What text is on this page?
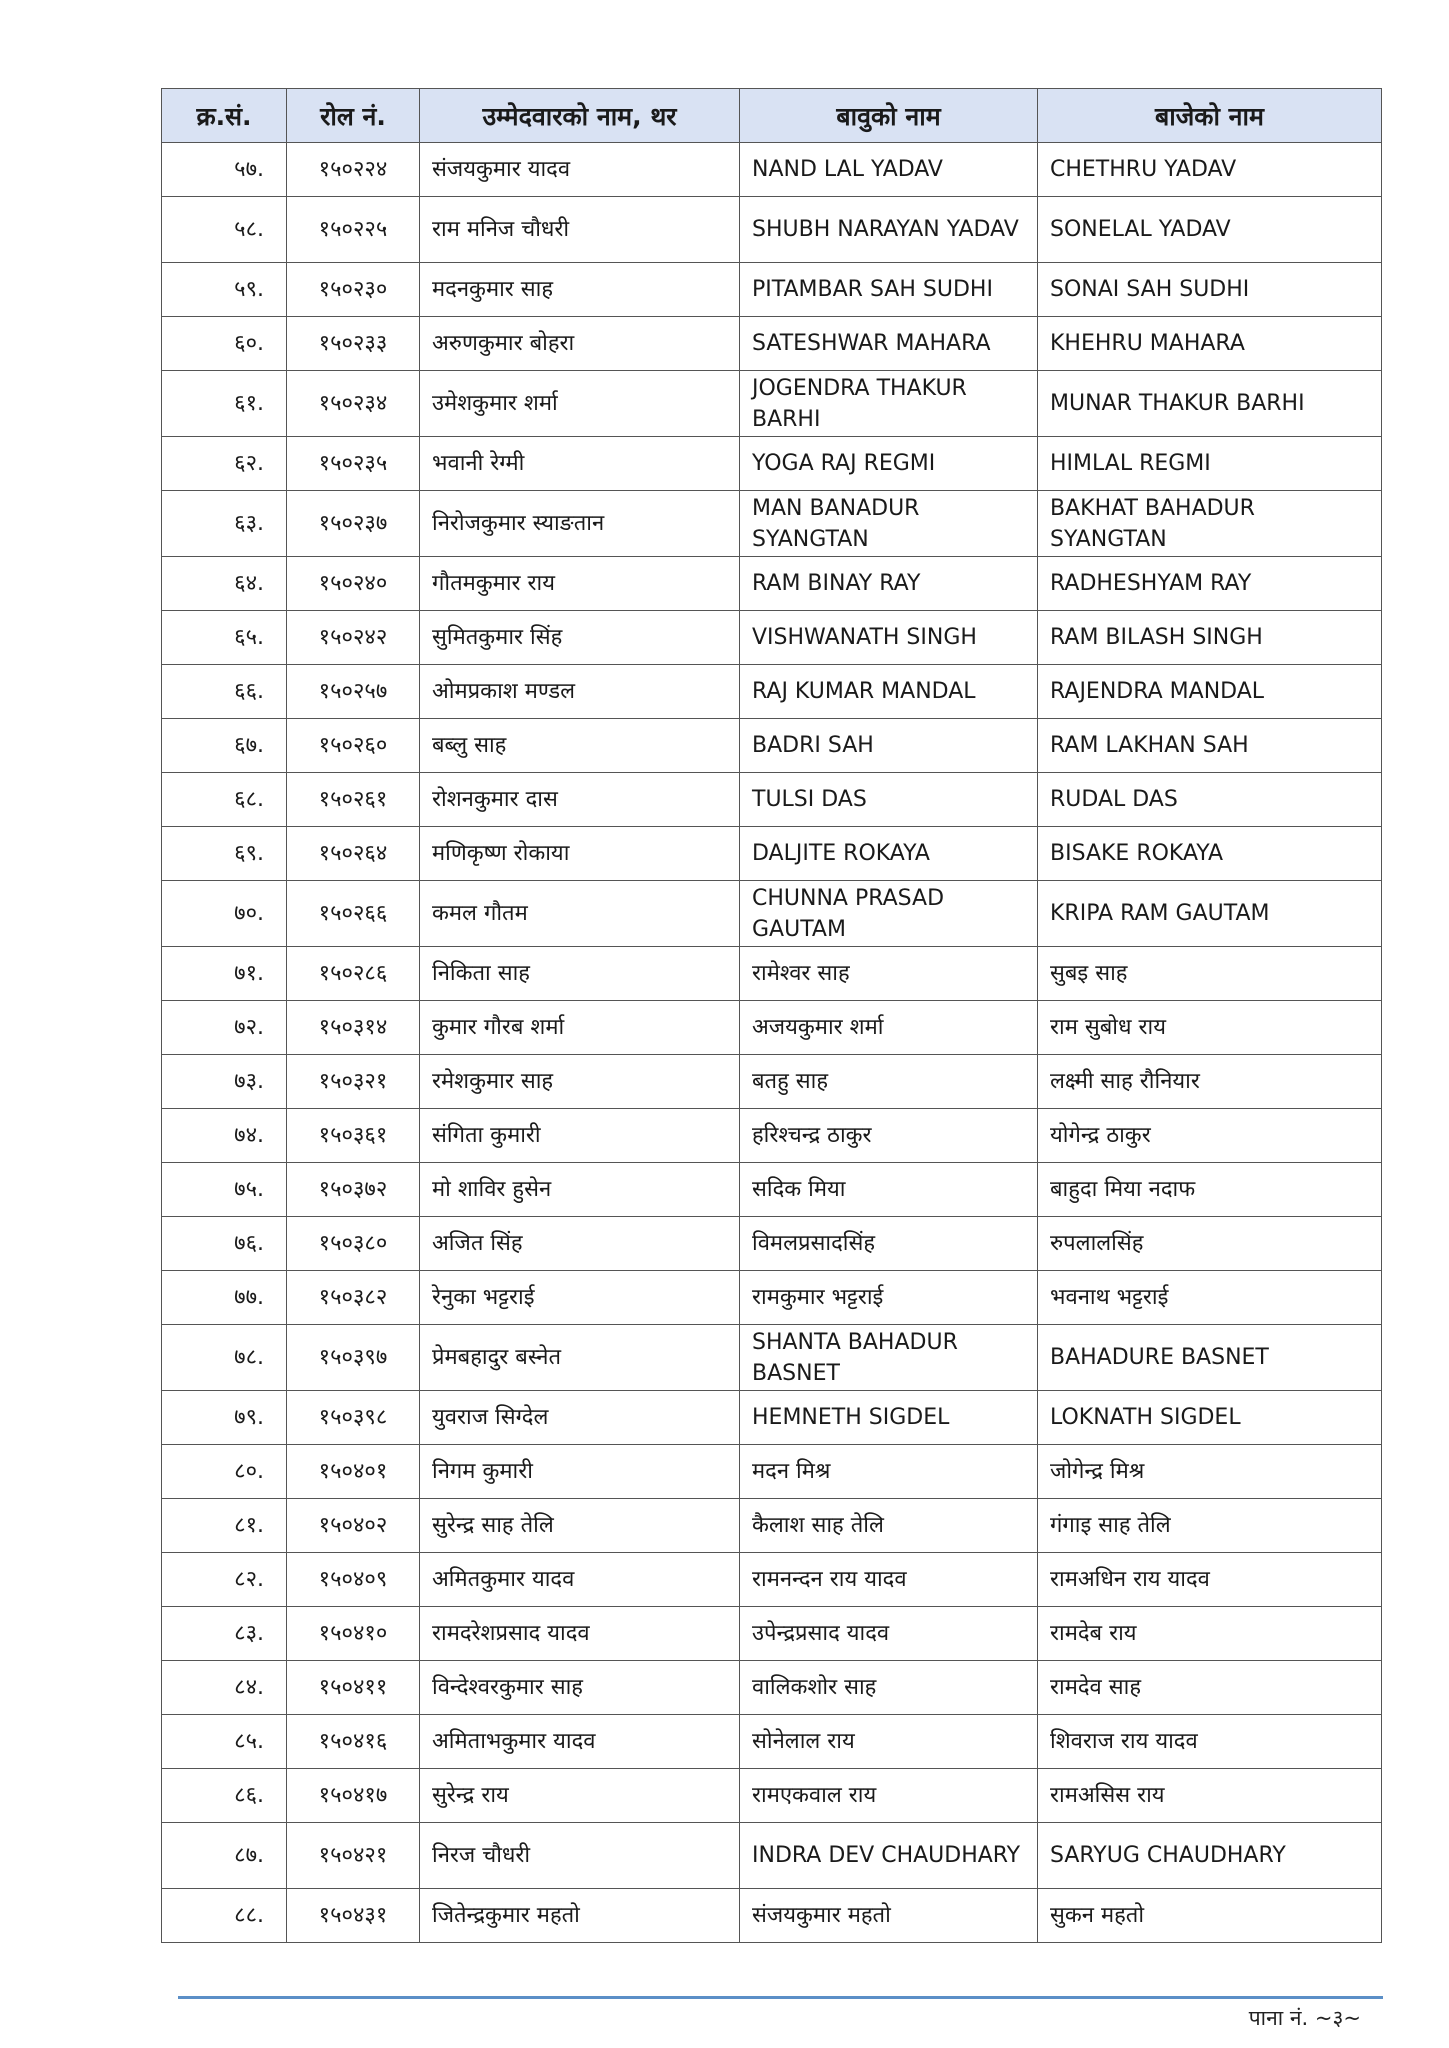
क्र.सं.	रोल नं.	उम्मेदवारको नाम, थर	बावुको नाम	बाजेको नाम
५७.	१५०२२४	संजयकुमार यादव	NAND LAL YADAV	CHETHRU YADAV
५८.	१५०२२५	राम मनिज चौधरी	SHUBH NARAYAN YADAV	SONELAL YADAV
५९.	१५०२३०	मदनकुमार साह	PITAMBAR SAH SUDHI	SONAI SAH SUDHI
६०.	१५०२३३	अरुणकुमार बोहरा	SATESHWAR MAHARA	KHEHRU MAHARA
६१.	१५०२३४	उमेशकुमार शर्मा	JOGENDRA THAKUR BARHI	MUNAR THAKUR BARHI
६२.	१५०२३५	भवानी रेग्मी	YOGA RAJ REGMI	HIMLAL REGMI
६३.	१५०२३७	निरोजकुमार स्याङतान	MAN BANADUR SYANGTAN	BAKHAT BAHADUR SYANGTAN
६४.	१५०२४०	गौतमकुमार राय	RAM BINAY RAY	RADHESHYAM RAY
६५.	१५०२४२	सुमितकुमार सिंह	VISHWANATH SINGH	RAM BILASH SINGH
६६.	१५०२५७	ओमप्रकाश मण्डल	RAJ KUMAR MANDAL	RAJENDRA MANDAL
६७.	१५०२६०	बब्लु साह	BADRI SAH	RAM LAKHAN SAH
६८.	१५०२६१	रोशनकुमार दास	TULSI DAS	RUDAL DAS
६९.	१५०२६४	मणिकृष्ण रोकाया	DALJITE ROKAYA	BISAKE ROKAYA
७०.	१५०२६६	कमल गौतम	CHUNNA PRASAD GAUTAM	KRIPA RAM GAUTAM
७१.	१५०२८६	निकिता साह	रामेश्वर साह	सुबइ साह
७२.	१५०३१४	कुमार गौरब शर्मा	अजयकुमार शर्मा	राम सुबोध राय
७३.	१५०३२१	रमेशकुमार साह	बतहु साह	लक्ष्मी साह रौनियार
७४.	१५०३६१	संगिता कुमारी	हरिश्चन्द्र ठाकुर	योगेन्द्र ठाकुर
७५.	१५०३७२	मो शाविर हुसेन	सदिक मिया	बाहुदा मिया नदाफ
७६.	१५०३८०	अजित सिंह	विमलप्रसादसिंह	रुपलालसिंह
७७.	१५०३८२	रेनुका भट्टराई	रामकुमार भट्टराई	भवनाथ भट्टराई
७८.	१५०३९७	प्रेमबहादुर बस्नेत	SHANTA BAHADUR BASNET	BAHADURE BASNET
७९.	१५०३९८	युवराज सिग्देल	HEMNETH SIGDEL	LOKNATH SIGDEL
८०.	१५०४०१	निगम कुमारी	मदन मिश्र	जोगेन्द्र मिश्र
८१.	१५०४०२	सुरेन्द्र साह तेलि	कैलाश साह तेलि	गंगाइ साह तेलि
८२.	१५०४०९	अमितकुमार यादव	रामनन्दन राय यादव	रामअधिन राय यादव
८३.	१५०४१०	रामदरेशप्रसाद यादव	उपेन्द्रप्रसाद यादव	रामदेब राय
८४.	१५०४११	विन्देश्वरकुमार साह	वालिकशोर साह	रामदेव साह
८५.	१५०४१६	अमिताभकुमार यादव	सोनेलाल राय	शिवराज राय यादव
८६.	१५०४१७	सुरेन्द्र राय	रामएकवाल राय	रामअसिस राय
८७.	१५०४२१	निरज चौधरी	INDRA DEV CHAUDHARY	SARYUG CHAUDHARY
८८.	१५०४३१	जितेन्द्रकुमार महतो	संजयकुमार महतो	सुकन महतो
पाना नं. ~३~
